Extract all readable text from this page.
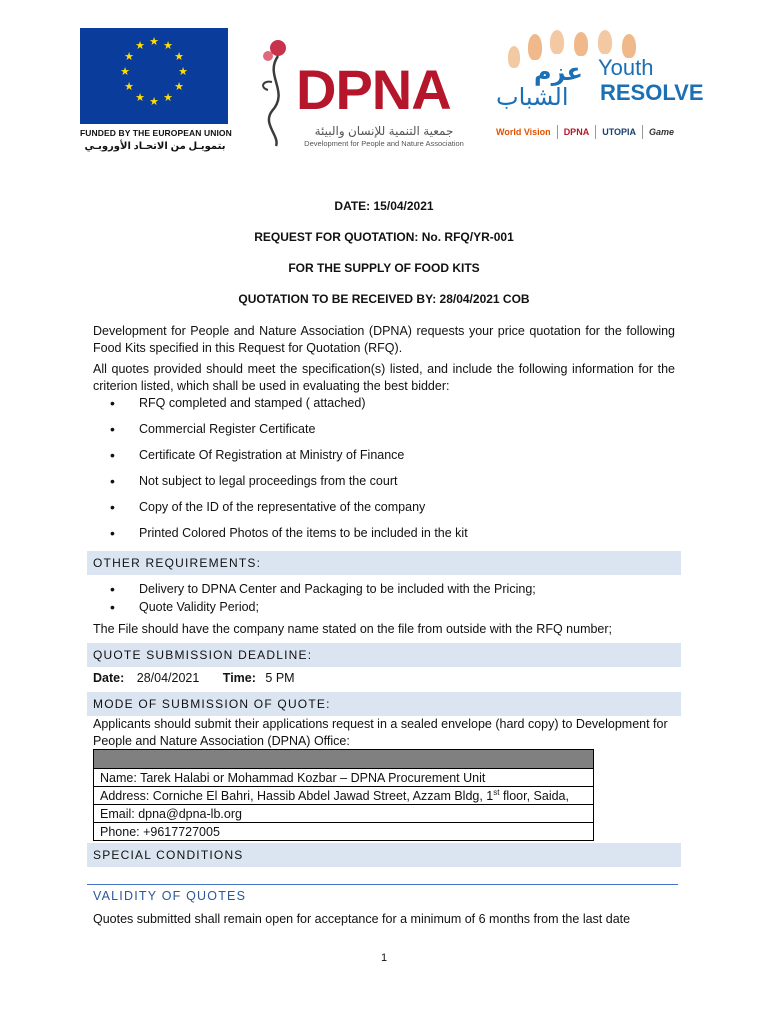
★ ★
★
★
★
★
★
★
★
★
★
★
FUNDED BY THE EUROPEAN UNION
بتمويـل من الاتحـاد الأوروبـي
DPNA
جمعية التنمية للإنسان والبيئة
Development for People and Nature Association
عزم Youth
الشباب RESOLVE
World Vision DPNA UTOPIA Game
DATE: 15/04/2021
REQUEST FOR QUOTATION: No. RFQ/YR-001
FOR THE SUPPLY OF FOOD KITS
QUOTATION TO BE RECEIVED BY: 28/04/2021 COB
Development for People and Nature Association (DPNA) requests your price quotation for the following Food Kits specified in this Request for Quotation (RFQ).
All quotes provided should meet the specification(s) listed, and include the following information for the criterion listed, which shall be used in evaluating the best bidder:
• RFQ completed and stamped ( attached)
• Commercial Register Certificate
• Certificate Of Registration at Ministry of Finance
• Not subject to legal proceedings from the court
• Copy of the ID of the representative of the company
• Printed Colored Photos of the items to be included in the kit
OTHER REQUIREMENTS:
• Delivery to DPNA Center and Packaging to be included with the Pricing;
• Quote Validity Period;
The File should have the company name stated on the file from outside with the RFQ number;
QUOTE SUBMISSION DEADLINE:
Date: 28/04/2021 Time: 5 PM
MODE OF SUBMISSION OF QUOTE:
Applicants should submit their applications request in a sealed envelope (hard copy) to Development for People and Nature Association (DPNA) Office:

Name: Tarek Halabi or Mohammad Kozbar – DPNA Procurement Unit
Address: Corniche El Bahri, Hassib Abdel Jawad Street, Azzam Bldg, 1st floor, Saida,
Email: dpna@dpna-lb.org
Phone: +9617727005
SPECIAL CONDITIONS
VALIDITY OF QUOTES
Quotes submitted shall remain open for acceptance for a minimum of 6 months from the last date
1
